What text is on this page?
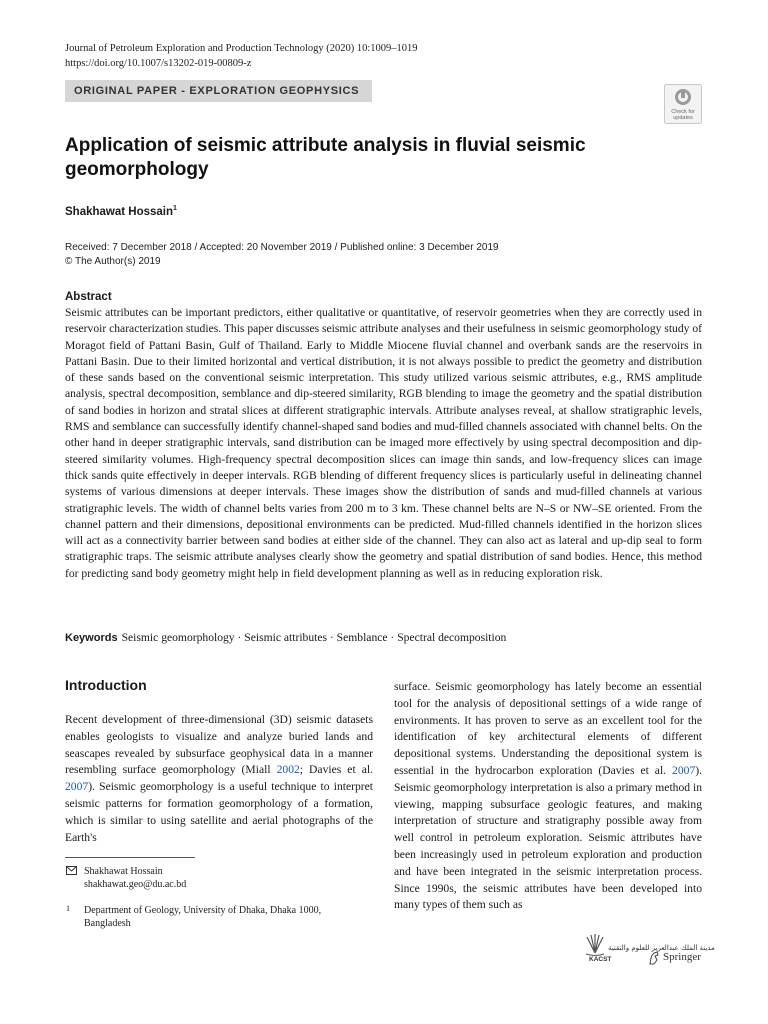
Journal of Petroleum Exploration and Production Technology (2020) 10:1009–1019
https://doi.org/10.1007/s13202-019-00809-z
ORIGINAL PAPER - EXPLORATION GEOPHYSICS
Check for
updates
Application of seismic attribute analysis in fluvial seismic geomorphology
Shakhawat Hossain$^1$
Received: 7 December 2018 / Accepted: 20 November 2019 / Published online: 3 December 2019
© The Author(s) 2019
Abstract
Seismic attributes can be important predictors, either qualitative or quantitative, of reservoir geometries when they are correctly used in reservoir characterization studies. This paper discusses seismic attribute analyses and their usefulness in seismic geomorphology study of Moragot field of Pattani Basin, Gulf of Thailand. Early to Middle Miocene fluvial channel and overbank sands are the reservoirs in Pattani Basin. Due to their limited horizontal and vertical distribution, it is not always possible to predict the geometry and distribution of these sands based on the conventional seismic interpretation. This study utilized various seismic attributes, e.g., RMS amplitude analysis, spectral decomposition, semblance and dip-steered similarity, RGB blending to image the geometry and the spatial distribution of sand bodies in horizon and stratal slices at different stratigraphic intervals. Attribute analyses reveal, at shallow stratigraphic levels, RMS and semblance can successfully identify channel-shaped sand bodies and mud-filled channels associated with channel belts. On the other hand in deeper stratigraphic intervals, sand distribution can be imaged more effectively by using spectral decomposition and dip-steered similarity volumes. High-frequency spectral decomposition slices can image thin sands, and low-frequency slices can image thick sands quite effectively in deeper intervals. RGB blending of different frequency slices is particularly useful in delineating channel systems of various dimensions at deeper intervals. These images show the distribution of sands and mud-filled channels at various stratigraphic levels. The width of channel belts varies from 200 m to 3 km. These channel belts are N–S or NW–SE oriented. From the channel pattern and their dimensions, depositional environments can be predicted. Mud-filled channels identified in the horizon slices will act as a connectivity barrier between sand bodies at either side of the channel. They can also act as lateral and up-dip seal to form stratigraphic traps. The seismic attribute analyses clearly show the geometry and spatial distribution of sand bodies. Hence, this method for predicting sand body geometry might help in field development planning as well as in reducing exploration risk.
Keywords Seismic geomorphology · Seismic attributes · Semblance · Spectral decomposition
Introduction
Recent development of three-dimensional (3D) seismic datasets enables geologists to visualize and analyze buried lands and seascapes revealed by subsurface geophysical data in a manner resembling surface geomorphology (Miall 2002; Davies et al. 2007). Seismic geomorphology is a useful technique to interpret seismic patterns for formation geomorphology of a formation, which is similar to using satellite and aerial photographs of the Earth's
surface. Seismic geomorphology has lately become an essential tool for the analysis of depositional settings of a wide range of environments. It has proven to serve as an excellent tool for the identification of key architectural elements of different depositional systems. Understanding the depositional system is essential in the hydrocarbon exploration (Davies et al. 2007). Seismic geomorphology interpretation is also a primary method in viewing, mapping subsurface geologic features, and making interpretation of structure and stratigraphy possible away from well control in petroleum exploration. Seismic attributes have been increasingly used in petroleum exploration and production and have been integrated in the seismic interpretation process. Since 1990s, the seismic attributes have been developed into many types of them such as
Shakhawat Hossain
shakhawat.geo@du.ac.bd
1 Department of Geology, University of Dhaka, Dhaka 1000, Bangladesh
مدينة الملك عبدالعزيز للعلوم والتقنية
KACST	Springer
